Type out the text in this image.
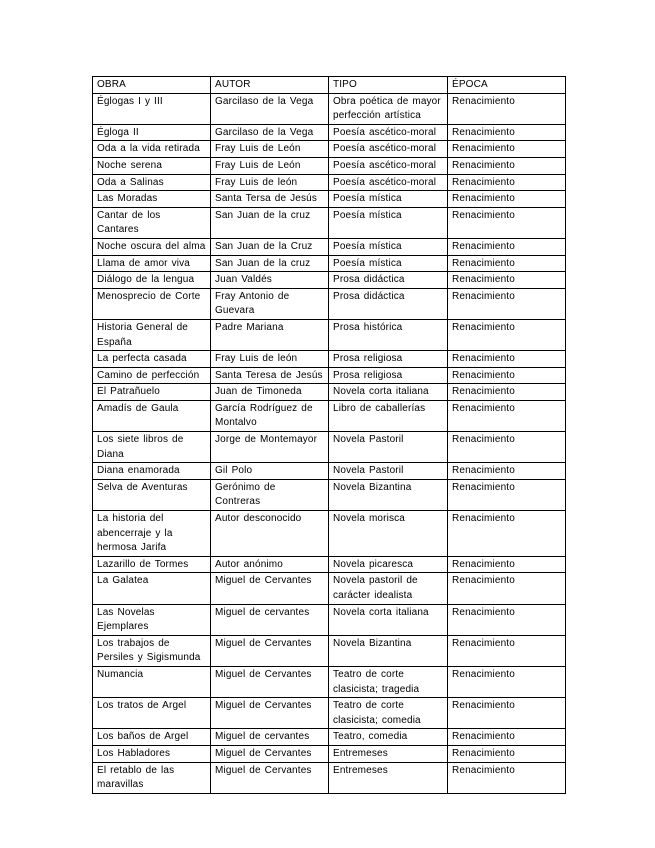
OBRA	AUTOR	TIPO	ÉPOCA
Églogas I y III	Garcilaso de la Vega	Obra poética de mayor perfección artística	Renacimiento
Égloga II	Garcilaso de la Vega	Poesía ascético-moral	Renacimiento
Oda a la vida retirada	Fray Luis de León	Poesía ascético-moral	Renacimiento
Noche serena	Fray Luis de León	Poesía ascético-moral	Renacimiento
Oda a Salinas	Fray Luis de león	Poesía ascético-moral	Renacimiento
Las Moradas	Santa Tersa de Jesús	Poesía mística	Renacimiento
Cantar de los Cantares	San Juan de la cruz	Poesía mística	Renacimiento
Noche oscura del alma	San Juan de la Cruz	Poesía mística	Renacimiento
Llama de amor viva	San Juan de la cruz	Poesía mística	Renacimiento
Diálogo de la lengua	Juan Valdés	Prosa didáctica	Renacimiento
Menosprecio de Corte	Fray Antonio de Guevara	Prosa didáctica	Renacimiento
Historia General de España	Padre Mariana	Prosa histórica	Renacimiento
La perfecta casada	Fray Luis de león	Prosa religiosa	Renacimiento
Camino de perfección	Santa Teresa de Jesús	Prosa religiosa	Renacimiento
El Patrañuelo	Juan de Timoneda	Novela corta italiana	Renacimiento
Amadís de Gaula	García Rodríguez de Montalvo	Libro de caballerías	Renacimiento
Los siete libros de Diana	Jorge de Montemayor	Novela Pastoril	Renacimiento
Diana enamorada	Gil Polo	Novela Pastoril	Renacimiento
Selva de Aventuras	Gerónimo de Contreras	Novela Bizantina	Renacimiento
La historia del abencerraje y la hermosa Jarifa	Autor desconocido	Novela morisca	Renacimiento
Lazarillo de Tormes	Autor anónimo	Novela picaresca	Renacimiento
La Galatea	Miguel de Cervantes	Novela pastoril de carácter idealista	Renacimiento
Las Novelas Ejemplares	Miguel de cervantes	Novela corta italiana	Renacimiento
Los trabajos de Persiles y Sigismunda	Miguel de Cervantes	Novela Bizantina	Renacimiento
Numancia	Miguel de Cervantes	Teatro de corte clasicista; tragedia	Renacimiento
Los tratos de Argel	Miguel de Cervantes	Teatro de corte clasicista; comedia	Renacimiento
Los baños de Argel	Miguel de cervantes	Teatro, comedia	Renacimiento
Los Habladores	Miguel de Cervantes	Entremeses	Renacimiento
El retablo de las maravillas	Miguel de Cervantes	Entremeses	Renacimiento
